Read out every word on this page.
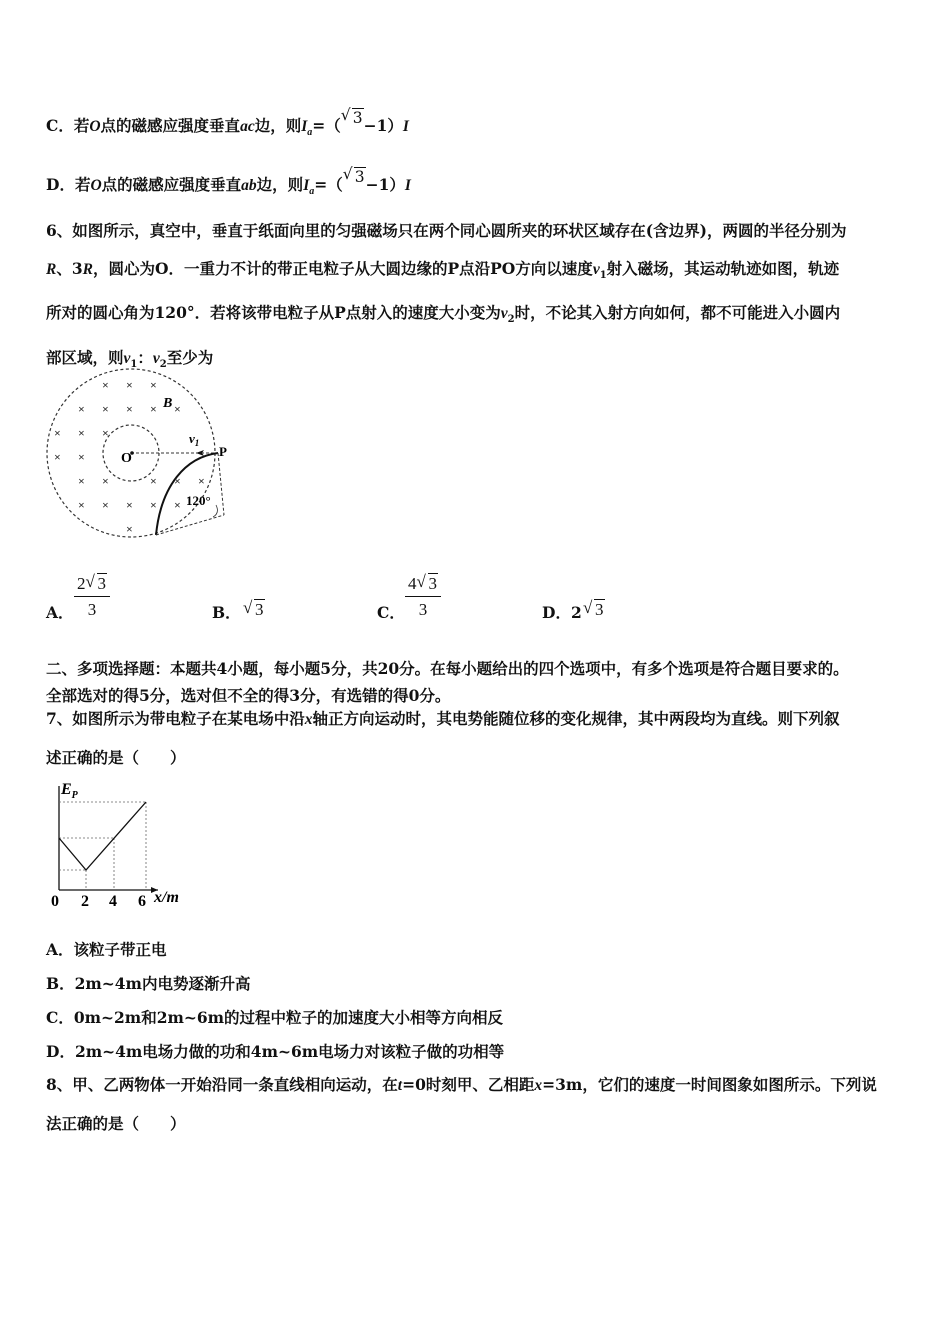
C．若O点的磁感应强度垂直ac边，则$I_a=$（
√ 3−1）I
D．若O点的磁感应强度垂直ab边，则$I_a=$（
√ 3−1）I
6、如图所示，真空中，垂直于纸面向里的匀强磁场只在两个同心圆所夹的环状区域存在(含边界)，两圆的半径分别为
R、3R，圆心为O．一重力不计的带正电粒子从大圆边缘的P点沿PO方向以速度$v_1$射入磁场，其运动轨迹如图，轨迹
所对的圆心角为120°．若将该带电粒子从P点射入的速度大小变为$v_2$时，不论其入射方向如何，都不可能进入小圆内
部区域，则$v_1$：$v_2$至少为
× × ×
× × × × ×
× × ×
× ×
× ×	× × ×
× × × × ×
×
B
O	P
$v_1$
120°
A． $\frac{2 √ 3}{3}$	B． √ 3	C． $\frac{4 √ 3}{3}$	D．2 √ 3
二、多项选择题：本题共4小题，每小题5分，共20分。在每小题给出的四个选项中，有多个选项是符合题目要求的。
全部选对的得5分，选对但不全的得3分，有选错的得0分。
7、如图所示为带电粒子在某电场中沿x轴正方向运动时，其电势能随位移的变化规律，其中两段均为直线。则下列叙
述正确的是（　　）
$E_P$
x/m
0 2 4 6
A．该粒子带正电
B．2m~4m内电势逐渐升高
C．0m~2m和2m~6m的过程中粒子的加速度大小相等方向相反
D．2m~4m电场力做的功和4m~6m电场力对该粒子做的功相等
8、甲、乙两物体一开始沿同一条直线相向运动，在t=0时刻甲、乙相距x=3m，它们的速度一时间图象如图所示。下列说
法正确的是（　　）
